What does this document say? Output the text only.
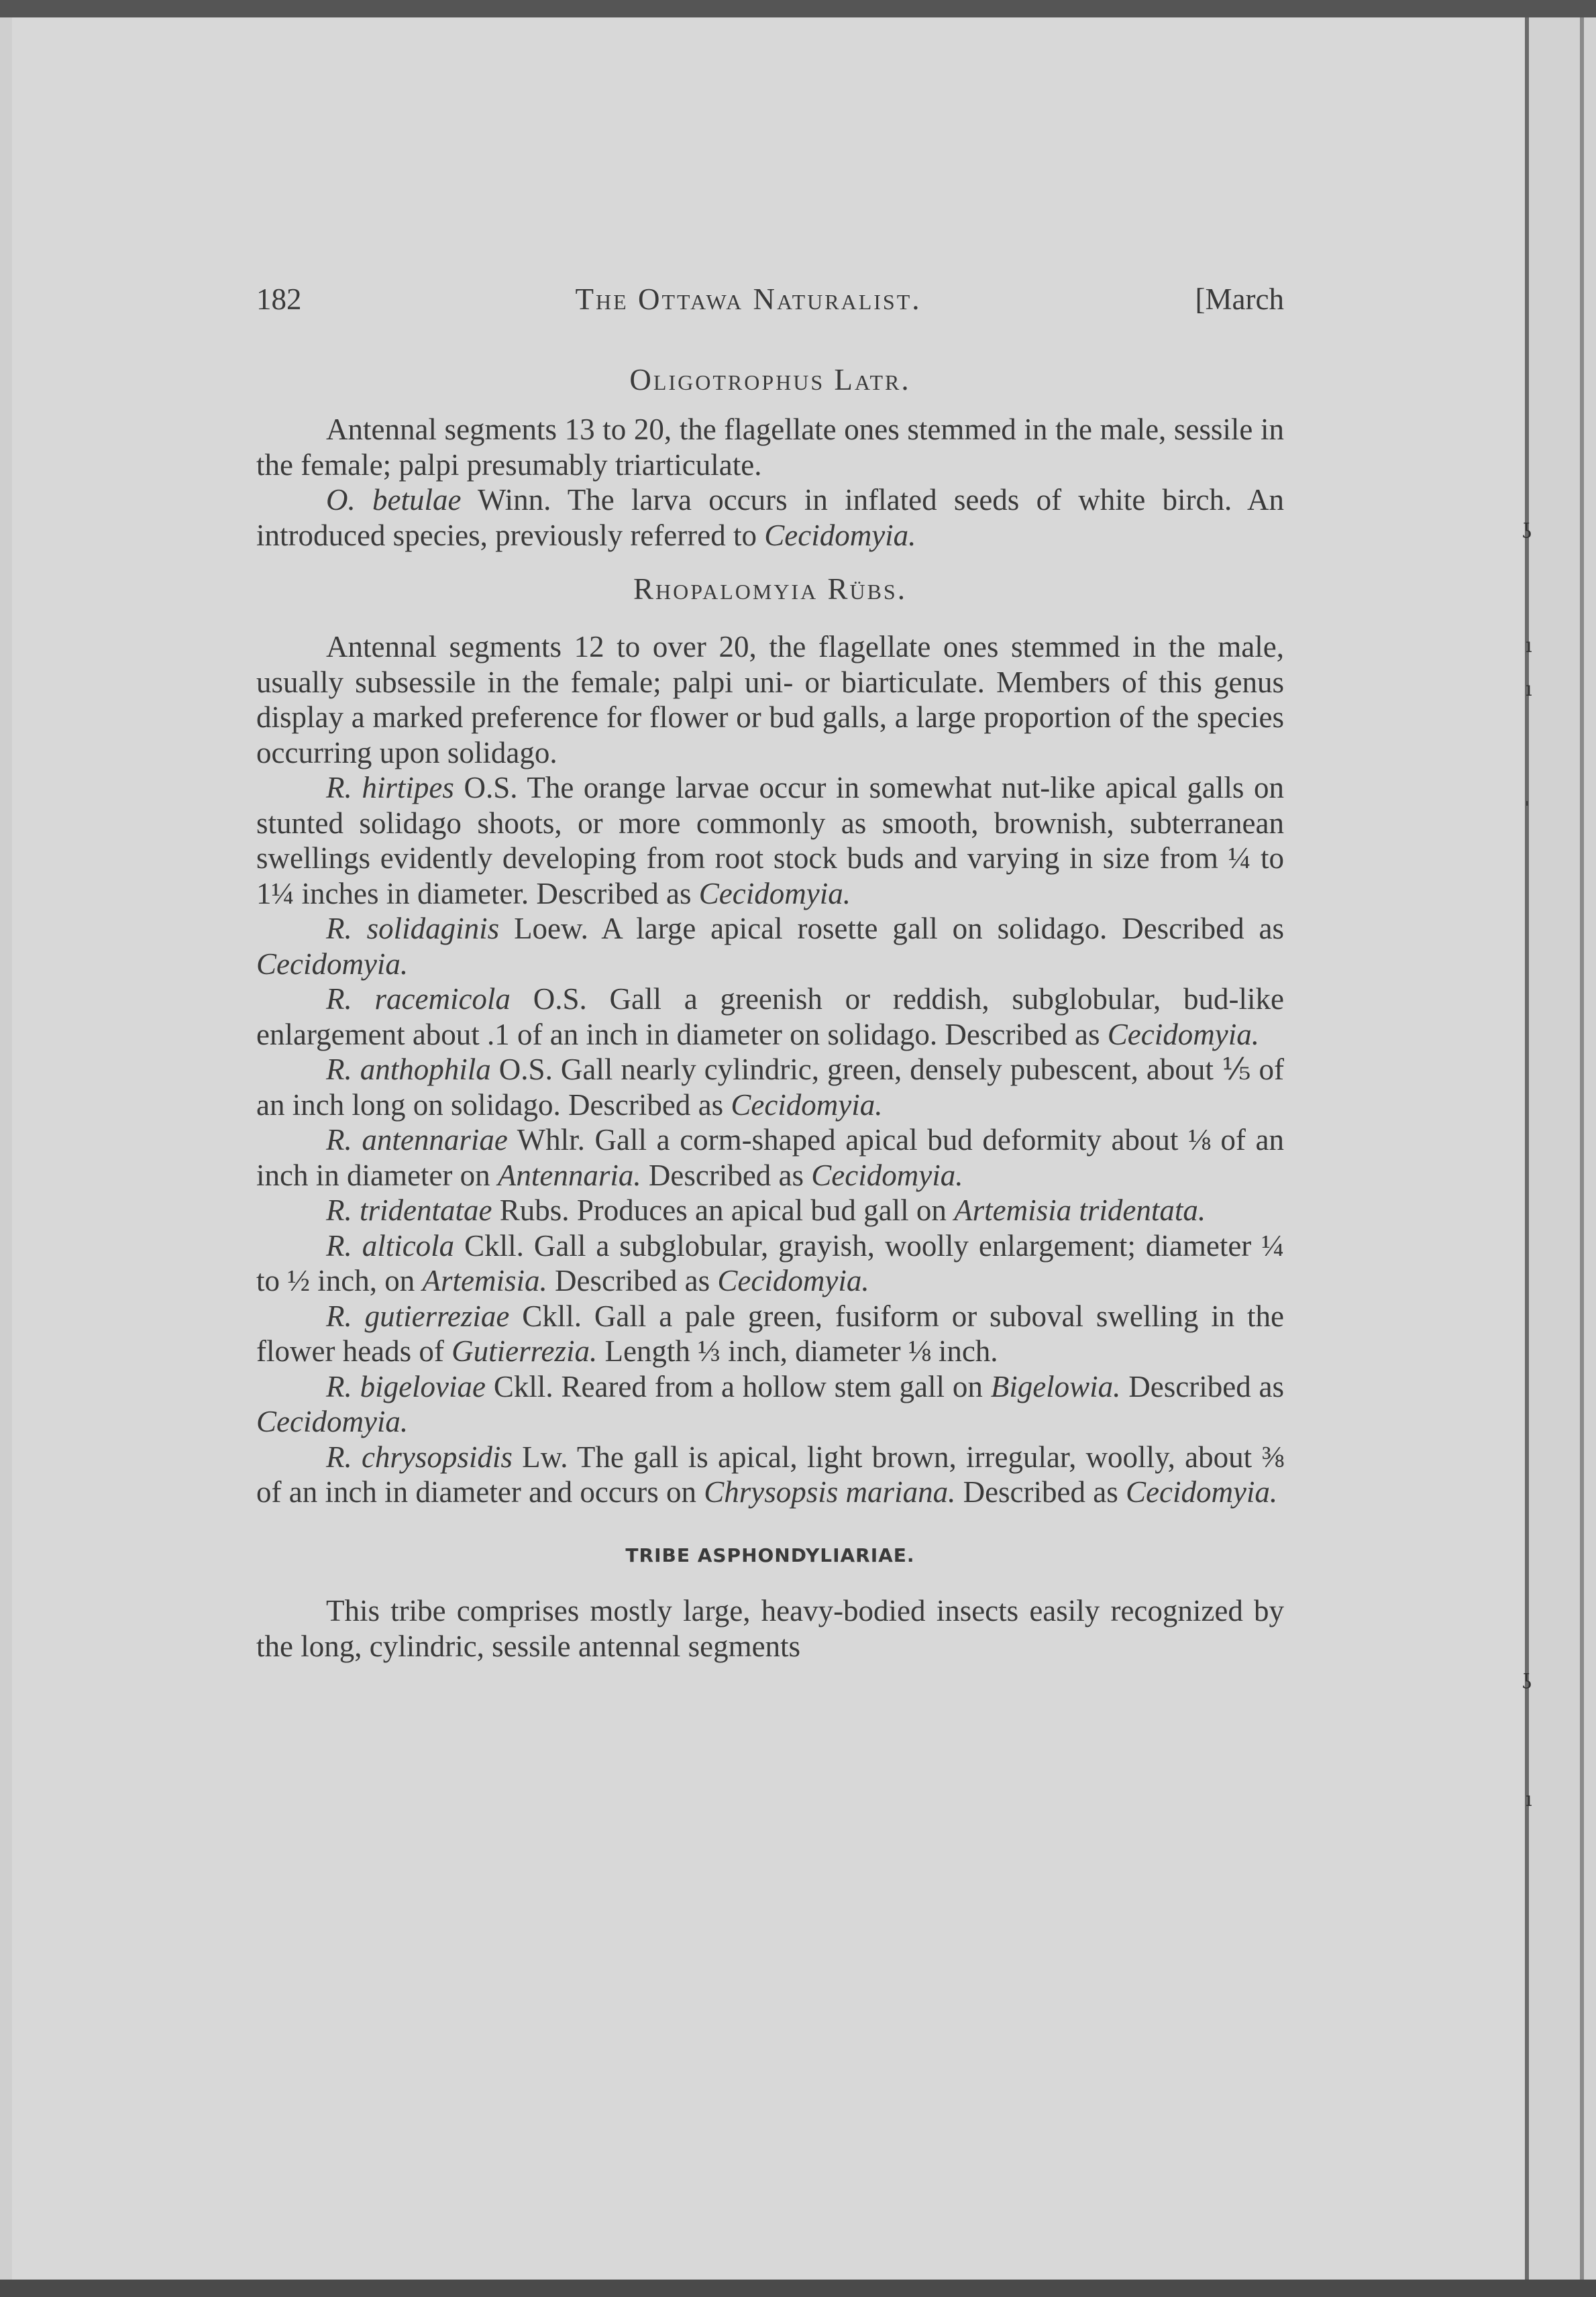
ʖ
ı
ı
ˈ
ʖ
ı
182	The Ottawa Naturalist.	[March
Oligotrophus Latr.

Antennal segments 13 to 20, the flagellate ones stemmed in the male, sessile in the female; palpi presumably triarticulate.

O. betulae Winn. The larva occurs in inflated seeds of white birch. An introduced species, previously referred to Cecidomyia.

Rhopalomyia Rübs.

Antennal segments 12 to over 20, the flagellate ones stemmed in the male, usually subsessile in the female; palpi uni- or biarticulate. Members of this genus display a marked preference for flower or bud galls, a large proportion of the species occurring upon solidago.

R. hirtipes O.S. The orange larvae occur in somewhat nut-like apical galls on stunted solidago shoots, or more commonly as smooth, brownish, subterranean swellings evidently developing from root stock buds and varying in size from ¼ to 1¼ inches in diameter. Described as Cecidomyia.

R. solidaginis Loew. A large apical rosette gall on solidago. Described as Cecidomyia.

R. racemicola O.S. Gall a greenish or reddish, subglobular, bud-like enlargement about .1 of an inch in diameter on solidago. Described as Cecidomyia.

R. anthophila O.S. Gall nearly cylindric, green, densely pubescent, about ⅕ of an inch long on solidago. Described as Cecidomyia.

R. antennariae Whlr. Gall a corm-shaped apical bud deformity about ⅛ of an inch in diameter on Antennaria. Described as Cecidomyia.

R. tridentatae Rubs. Produces an apical bud gall on Artemisia tridentata.

R. alticola Ckll. Gall a subglobular, grayish, woolly enlargement; diameter ¼ to ½ inch, on Artemisia. Described as Cecidomyia.

R. gutierreziae Ckll. Gall a pale green, fusiform or suboval swelling in the flower heads of Gutierrezia. Length ⅓ inch, diameter ⅛ inch.

R. bigeloviae Ckll. Reared from a hollow stem gall on Bigelowia. Described as Cecidomyia.

R. chrysopsidis Lw. The gall is apical, light brown, irregular, woolly, about ⅜ of an inch in diameter and occurs on Chrysopsis mariana. Described as Cecidomyia.

TRIBE ASPHONDYLIARIAE.

This tribe comprises mostly large, heavy-bodied insects easily recognized by the long, cylindric, sessile antennal segments
